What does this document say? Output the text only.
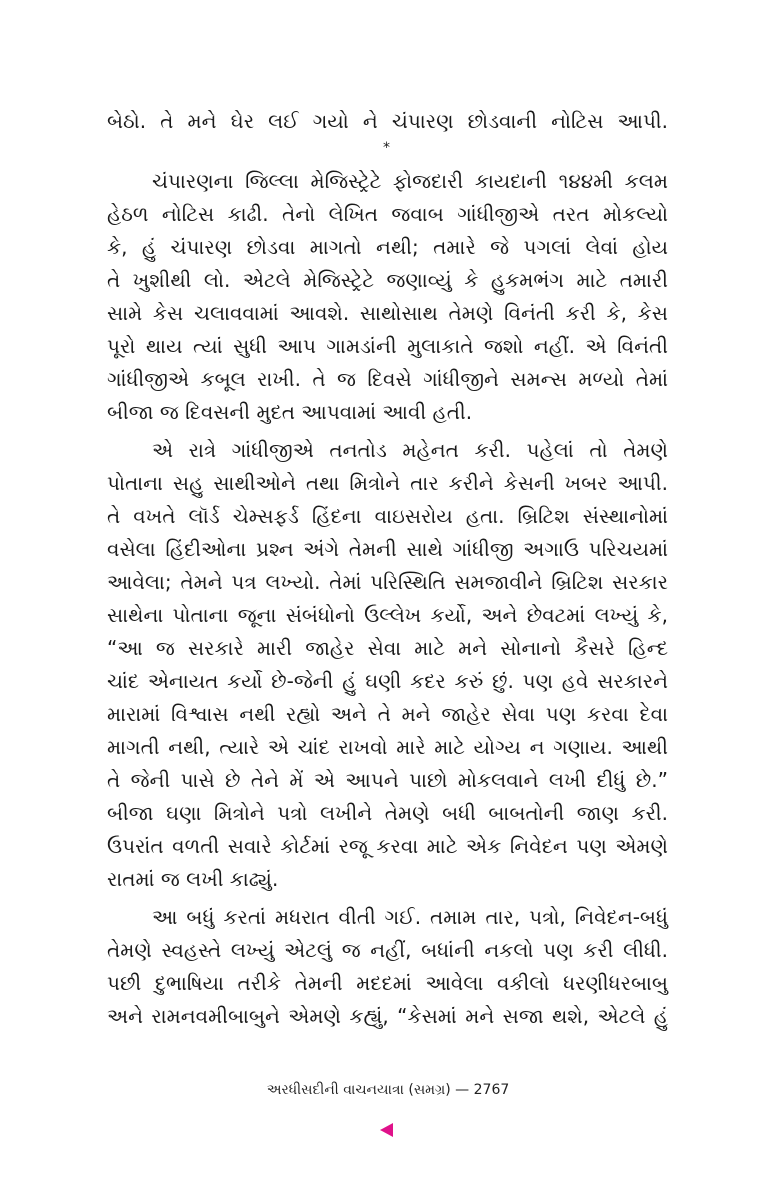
બેઠો. તે મને ઘેર લઈ ગયો ને ચંપારણ છોડવાની નોટિસ આપી.
*
ચંપારણના જિલ્લા મેજિસ્ટ્રેટે ફોજદારી કાયદાની ૧૪૪મી કલમ
હેઠળ નોટિસ કાઢી. તેનો લેખિત જવાબ ગાંધીજીએ તરત મોકલ્યો
કે, હું ચંપારણ છોડવા માગતો નથી; તમારે જે પગલાં લેવાં હોય
તે ખુશીથી લો. એટલે મેજિસ્ટ્રેટે જણાવ્યું કે હુકમભંગ માટે તમારી
સામે કેસ ચલાવવામાં આવશે. સાથોસાથ તેમણે વિનંતી કરી કે, કેસ
પૂરો થાય ત્યાં સુધી આપ ગામડાંની મુલાકાતે જશો નહીં. એ વિનંતી
ગાંધીજીએ કબૂલ રાખી. તે જ દિવસે ગાંધીજીને સમન્સ મળ્યો તેમાં
બીજા જ દિવસની મુદત આપવામાં આવી હતી.
એ રાત્રે ગાંધીજીએ તનતોડ મહેનત કરી. પહેલાં તો તેમણે
પોતાના સહુ સાથીઓને તથા મિત્રોને તાર કરીને કેસની ખબર આપી.
તે વખતે લૉર્ડ ચેમ્સફર્ડ હિંદના વાઇસરોય હતા. બ્રિટિશ સંસ્થાનોમાં
વસેલા હિંદીઓના પ્રશ્ન અંગે તેમની સાથે ગાંધીજી અગાઉ પરિચયમાં
આવેલા; તેમને પત્ર લખ્યો. તેમાં પરિસ્થિતિ સમજાવીને બ્રિટિશ સરકાર
સાથેના પોતાના જૂના સંબંધોનો ઉલ્લેખ કર્યો, અને છેવટમાં લખ્યું કે,
“આ જ સરકારે મારી જાહેર સેવા માટે મને સોનાનો કૈસરે હિન્દ
ચાંદ એનાયત કર્યો છે-જેની હું ઘણી કદર કરું છું. પણ હવે સરકારને
મારામાં વિશ્વાસ નથી રહ્યો અને તે મને જાહેર સેવા પણ કરવા દેવા
માગતી નથી, ત્યારે એ ચાંદ રાખવો મારે માટે યોગ્ય ન ગણાય. આથી
તે જેની પાસે છે તેને મેં એ આપને પાછો મોકલવાને લખી દીધું છે.”
બીજા ઘણા મિત્રોને પત્રો લખીને તેમણે બધી બાબતોની જાણ કરી.
ઉપરાંત વળતી સવારે કોર્ટમાં રજૂ કરવા માટે એક નિવેદન પણ એમણે
રાતમાં જ લખી કાઢ્યું.
આ બધું કરતાં મધરાત વીતી ગઈ. તમામ તાર, પત્રો, નિવેદન-બધું
તેમણે સ્વહસ્તે લખ્યું એટલું જ નહીં, બધાંની નકલો પણ કરી લીધી.
પછી દુભાષિયા તરીકે તેમની મદદમાં આવેલા વકીલો ધરણીધરબાબુ
અને રામનવમીબાબુને એમણે કહ્યું, “કેસમાં મને સજા થશે, એટલે હું
અરધીસદીની વાચનયાત્રા (સમગ્ર) — 2767
